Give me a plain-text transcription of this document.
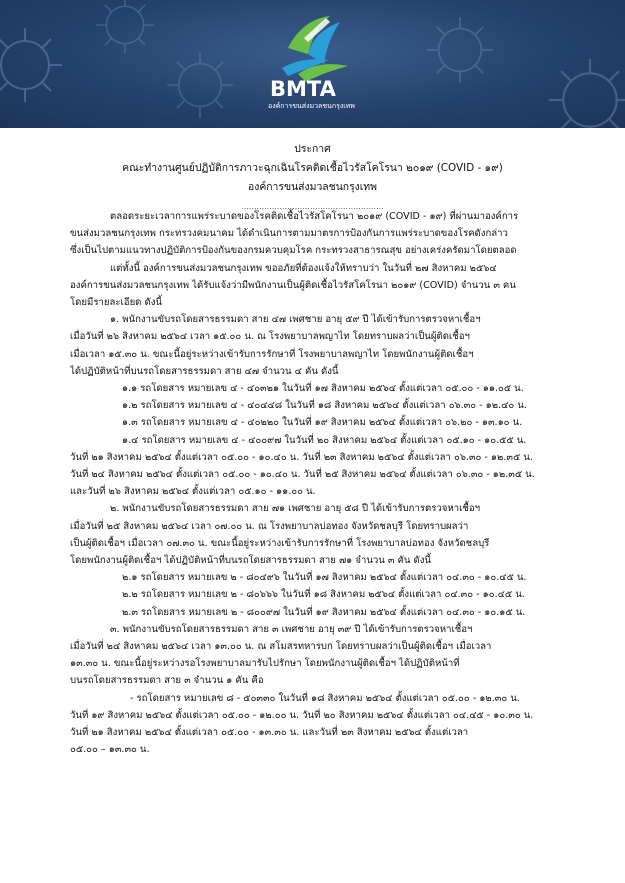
BMTA
องค์การขนส่งมวลชนกรุงเทพ
ประกาศ
คณะทำงานศูนย์ปฏิบัติการภาวะฉุกเฉินโรคติดเชื้อไวรัสโคโรนา ๒๐๑๙ (COVID - ๑๙)
องค์การขนส่งมวลชนกรุงเทพ
........................................................
ตลอดระยะเวลาการแพร่ระบาดของโรคติดเชื้อไวรัสโคโรนา ๒๐๑๙ (COVID - ๑๙) ที่ผ่านมาองค์การ
ขนส่งมวลชนกรุงเทพ กระทรวงคมนาคม ได้ดำเนินการตามมาตรการป้องกันการแพร่ระบาดของโรคดังกล่าว
ซึ่งเป็นไปตามแนวทางปฏิบัติการป้องกันของกรมควบคุมโรค กระทรวงสาธารณสุข อย่างเคร่งครัดมาโดยตลอด
แต่ทั้งนี้ องค์การขนส่งมวลชนกรุงเทพ ขออภัยที่ต้องแจ้งให้ทราบว่า ในวันที่ ๒๗ สิงหาคม ๒๕๖๔
องค์การขนส่งมวลชนกรุงเทพ ได้รับแจ้งว่ามีพนักงานเป็นผู้ติดเชื้อไวรัสโคโรนา ๒๐๑๙ (COVID) จำนวน ๓ คน
โดยมีรายละเอียด ดังนี้
๑. พนักงานขับรถโดยสารธรรมดา สาย ๔๗ เพศชาย อายุ ๕๙ ปี ได้เข้ารับการตรวจหาเชื้อฯ
เมื่อวันที่ ๒๖ สิงหาคม ๒๕๖๔ เวลา ๑๕.๐๐ น. ณ โรงพยาบาลพญาไท โดยทราบผลว่าเป็นผู้ติดเชื้อฯ
เมื่อเวลา ๑๕.๓๐ น. ขณะนี้อยู่ระหว่างเข้ารับการรักษาที่ โรงพยาบาลพญาไท โดยพนักงานผู้ติดเชื้อฯ
ได้ปฏิบัติหน้าที่บนรถโดยสารธรรมดา สาย ๔๗ จำนวน ๔ คัน ดังนี้
๑.๑ รถโดยสาร หมายเลข ๔ - ๔๐๓๒๑ ในวันที่ ๑๗ สิงหาคม ๒๕๖๔ ตั้งแต่เวลา ๐๕.๐๐ - ๑๑.๐๕ น.
๑.๒ รถโดยสาร หมายเลข ๔ - ๔๐๔๔๘ ในวันที่ ๑๘ สิงหาคม ๒๕๖๔ ตั้งแต่เวลา ๐๖.๓๐ - ๑๒.๔๐ น.
๑.๓ รถโดยสาร หมายเลข ๔ - ๔๐๒๒๐ ในวันที่ ๑๙ สิงหาคม ๒๕๖๔ ตั้งแต่เวลา ๐๖.๒๐ - ๑๓.๑๐ น.
๑.๔ รถโดยสาร หมายเลข ๔ - ๔๐๐๙๗ ในวันที่ ๒๐ สิงหาคม ๒๕๖๔ ตั้งแต่เวลา ๐๕.๑๐ - ๑๐.๕๕ น.
วันที่ ๒๑ สิงหาคม ๒๕๖๔ ตั้งแต่เวลา ๐๕.๐๐ - ๑๐.๔๐ น. วันที่ ๒๓ สิงหาคม ๒๕๖๔ ตั้งแต่เวลา ๐๖.๓๐ - ๑๒.๓๕ น.
วันที่ ๒๔ สิงหาคม ๒๕๖๔ ตั้งแต่เวลา ๐๕.๐๐ - ๑๐.๔๐ น. วันที่ ๒๕ สิงหาคม ๒๕๖๔ ตั้งแต่เวลา ๐๖.๓๐ - ๑๒.๓๕ น.
และวันที่ ๒๖ สิงหาคม ๒๕๖๔ ตั้งแต่เวลา ๐๕.๑๐ - ๑๑.๐๐ น.
๒. พนักงานขับรถโดยสารธรรมดา สาย ๗๑ เพศชาย อายุ ๕๘ ปี ได้เข้ารับการตรวจหาเชื้อฯ
เมื่อวันที่ ๒๕ สิงหาคม ๒๕๖๔ เวลา ๐๗.๐๐ น. ณ โรงพยาบาลบ่อทอง จังหวัดชลบุรี โดยทราบผลว่า
เป็นผู้ติดเชื้อฯ เมื่อเวลา ๐๗.๓๐ น. ขณะนี้อยู่ระหว่างเข้ารับการรักษาที่ โรงพยาบาลบ่อทอง จังหวัดชลบุรี
โดยพนักงานผู้ติดเชื้อฯ ได้ปฏิบัติหน้าที่บนรถโดยสารธรรมดา สาย ๗๑ จำนวน ๓ คัน ดังนี้
๒.๑ รถโดยสาร หมายเลข ๒ - ๘๐๔๙๖ ในวันที่ ๑๗ สิงหาคม ๒๕๖๔ ตั้งแต่เวลา ๐๔.๓๐ - ๑๐.๔๕ น.
๒.๒ รถโดยสาร หมายเลข ๒ - ๘๐๖๖๖ ในวันที่ ๑๘ สิงหาคม ๒๕๖๔ ตั้งแต่เวลา ๐๔.๓๐ - ๑๐.๔๕ น.
๒.๓ รถโดยสาร หมายเลข ๒ - ๘๐๐๙๗ ในวันที่ ๑๙ สิงหาคม ๒๕๖๔ ตั้งแต่เวลา ๐๔.๓๐ - ๑๐.๑๕ น.
๓. พนักงานขับรถโดยสารธรรมดา สาย ๓ เพศชาย อายุ ๓๙ ปี ได้เข้ารับการตรวจหาเชื้อฯ
เมื่อวันที่ ๒๔ สิงหาคม ๒๕๖๔ เวลา ๑๓.๐๐ น. ณ สโมสรทหารบก โดยทราบผลว่าเป็นผู้ติดเชื้อฯ เมื่อเวลา
๑๓.๓๐ น. ขณะนี้อยู่ระหว่างรอโรงพยาบาลมารับไปรักษา โดยพนักงานผู้ติดเชื้อฯ ได้ปฏิบัติหน้าที่
บนรถโดยสารธรรมดา สาย ๓ จำนวน ๑ คัน คือ
- รถโดยสาร หมายเลข ๘ - ๕๐๓๓๐ ในวันที่ ๑๘ สิงหาคม ๒๕๖๔ ตั้งแต่เวลา ๐๕.๐๐ - ๑๒.๓๐ น.
วันที่ ๑๙ สิงหาคม ๒๕๖๔ ตั้งแต่เวลา ๐๕.๐๐ - ๑๒.๐๐ น. วันที่ ๒๐ สิงหาคม ๒๕๖๔ ตั้งแต่เวลา ๐๔.๔๕ - ๑๐.๓๐ น.
วันที่ ๒๑ สิงหาคม ๒๕๖๔ ตั้งแต่เวลา ๐๕.๐๐ - ๑๓.๓๐ น. และวันที่ ๒๓ สิงหาคม ๒๕๖๔ ตั้งแต่เวลา
๐๕.๐๐ – ๑๓.๓๐ น.
